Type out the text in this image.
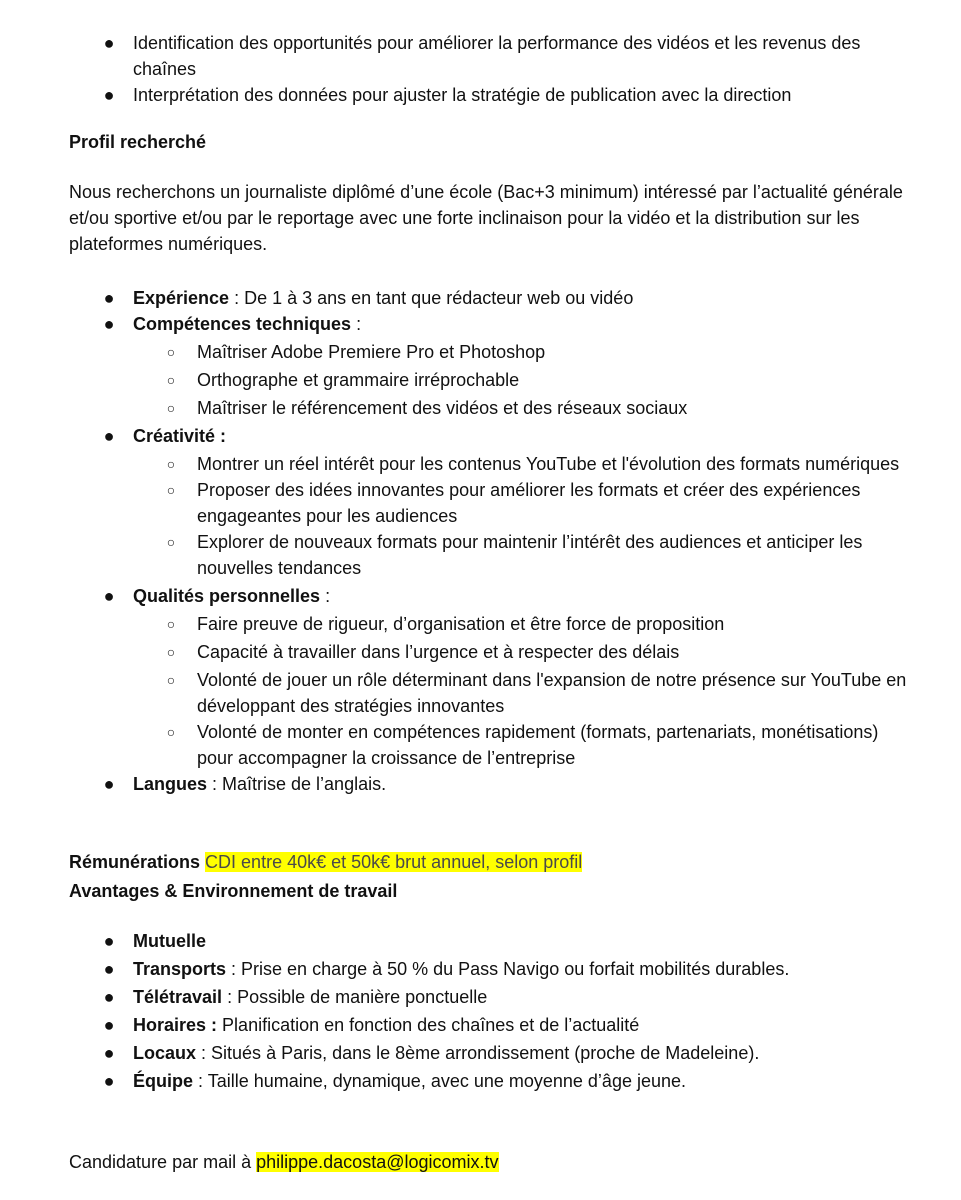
● Identification des opportunités pour améliorer la performance des vidéos et les revenus des chaînes
● Interprétation des données pour ajuster la stratégie de publication avec la direction
Profil recherché
Nous recherchons un journaliste diplômé d’une école (Bac+3 minimum) intéressé par l’actualité générale et/ou sportive et/ou par le reportage avec une forte inclinaison pour la vidéo et la distribution sur les plateformes numériques.
● Expérience : De 1 à 3 ans en tant que rédacteur web ou vidéo
● Compétences techniques :
○ Maîtriser Adobe Premiere Pro et Photoshop
○ Orthographe et grammaire irréprochable
○ Maîtriser le référencement des vidéos et des réseaux sociaux
● Créativité :
○ Montrer un réel intérêt pour les contenus YouTube et l'évolution des formats numériques
○ Proposer des idées innovantes pour améliorer les formats et créer des expériences engageantes pour les audiences
○ Explorer de nouveaux formats pour maintenir l’intérêt des audiences et anticiper les nouvelles tendances
● Qualités personnelles :
○ Faire preuve de rigueur, d’organisation et être force de proposition
○ Capacité à travailler dans l’urgence et à respecter des délais
○ Volonté de jouer un rôle déterminant dans l'expansion de notre présence sur YouTube en développant des stratégies innovantes
○ Volonté de monter en compétences rapidement (formats, partenariats, monétisations) pour accompagner la croissance de l’entreprise
● Langues : Maîtrise de l’anglais.
Rémunérations CDI entre 40k€ et 50k€ brut annuel, selon profil
Avantages & Environnement de travail
● Mutuelle
● Transports : Prise en charge à 50 % du Pass Navigo ou forfait mobilités durables.
● Télétravail : Possible de manière ponctuelle
● Horaires : Planification en fonction des chaînes et de l’actualité
● Locaux : Situés à Paris, dans le 8ème arrondissement (proche de Madeleine).
● Équipe : Taille humaine, dynamique, avec une moyenne d’âge jeune.
Candidature par mail à philippe.dacosta@logicomix.tv
